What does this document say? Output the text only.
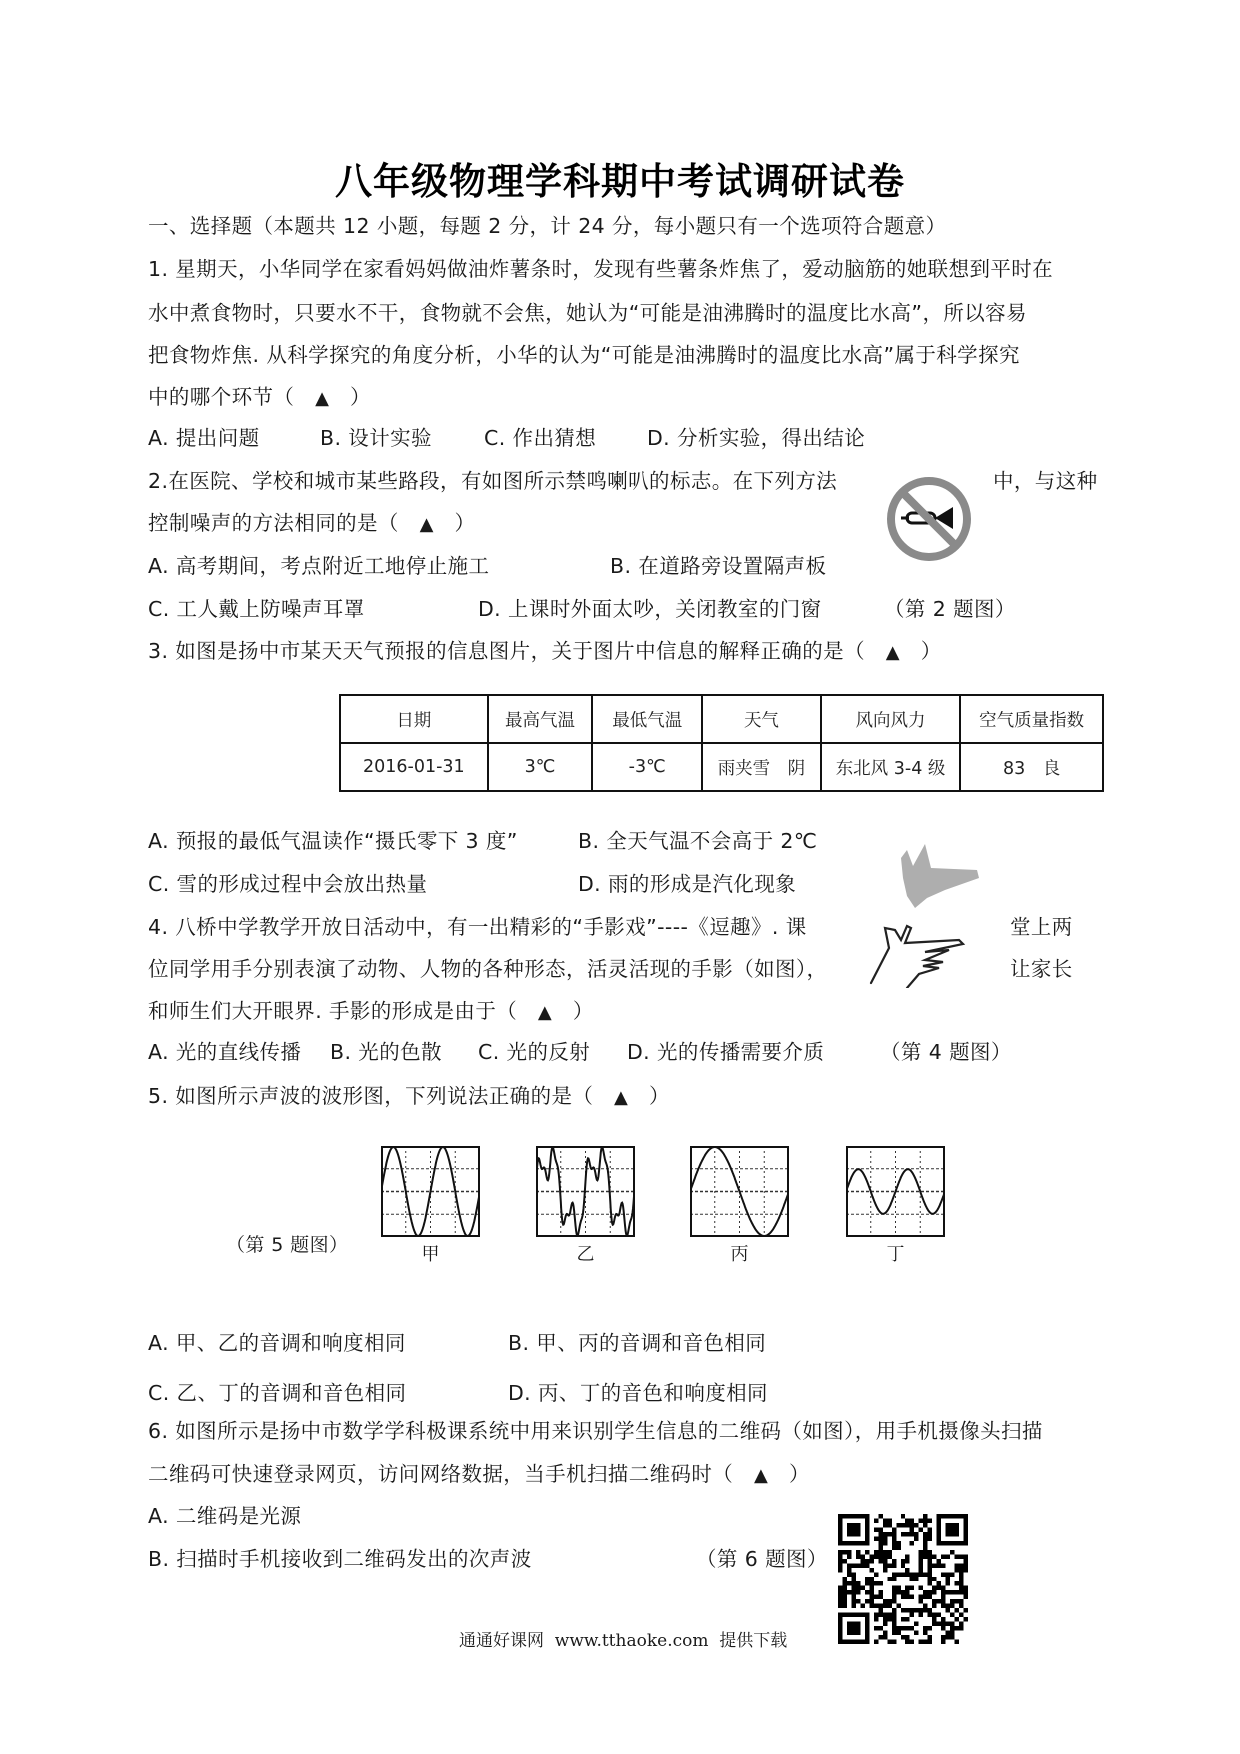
八年级物理学科期中考试调研试卷
一、选择题（本题共 12 小题，每题 2 分，计 24 分，每小题只有一个选项符合题意）
1. 星期天，小华同学在家看妈妈做油炸薯条时，发现有些薯条炸焦了，爱动脑筋的她联想到平时在
水中煮食物时，只要水不干，食物就不会焦，她认为“可能是油沸腾时的温度比水高”，所以容易
把食物炸焦. 从科学探究的角度分析，小华的认为“可能是油沸腾时的温度比水高”属于科学探究
中的哪个环节（ ▲   ）
A. 提出问题	B. 设计实验	C. 作出猜想 D. 分析实验，得出结论
2.在医院、学校和城市某些路段，有如图所示禁鸣喇叭的标志。在下列方法	中，与这种
控制噪声的方法相同的是（ ▲   ）
A. 高考期间，考点附近工地停止施工	B. 在道路旁设置隔声板
C. 工人戴上防噪声耳罩	D. 上课时外面太吵，关闭教室的门窗	（第 2 题图）
3. 如图是扬中市某天天气预报的信息图片，关于图片中信息的解释正确的是（ ▲   ）
日期	最高气温	最低气温	天气	风向风力	空气质量指数
2016-01-31	3℃	-3℃	雨夹雪　阴	东北风 3-4 级	83　良
A. 预报的最低气温读作“摄氏零下 3 度”	B. 全天气温不会高于 2℃
C. 雪的形成过程中会放出热量	D. 雨的形成是汽化现象
4. 八桥中学教学开放日活动中，有一出精彩的“手影戏”----《逗趣》. 课	堂上两
位同学用手分别表演了动物、人物的各种形态，活灵活现的手影（如图），	让家长
和师生们大开眼界. 手影的形成是由于（ ▲   ）
A. 光的直线传播 B. 光的色散 C. 光的反射 D. 光的传播需要介质	（第 4 题图）
5. 如图所示声波的波形图，下列说法正确的是（ ▲   ）
（第 5 题图）	甲	乙	丙	丁
A. 甲、乙的音调和响度相同	B. 甲、丙的音调和音色相同
C. 乙、丁的音调和音色相同	D. 丙、丁的音色和响度相同
6. 如图所示是扬中市数学学科极课系统中用来识别学生信息的二维码（如图），用手机摄像头扫描
二维码可快速登录网页，访问网络数据，当手机扫描二维码时（ ▲   ）
A. 二维码是光源
B. 扫描时手机接收到二维码发出的次声波	（第 6 题图）
通通好课网  www.tthaoke.com  提供下载
